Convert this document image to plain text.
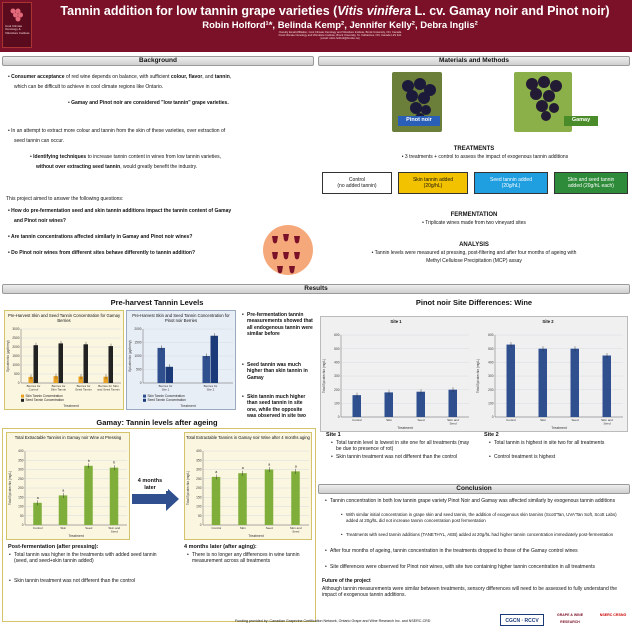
Cool Climate Oenology & Viticulture Institute
Tannin addition for low tannin grape varieties (Vitis vinifera L. cv. Gamay noir and Pinot noir)
Robin Holford¹*, Belinda Kemp², Jennifer Kelly², Debra Inglis²
¹Faculty Email Affiliation, Cool Climate Oenology and Viticulture Institute, Brock University, ON, Canada
²Cool Climate Oenology and Viticulture Institute, Brock University, St. Catharines, ON, Canada L2S 3A1
[email: robin.holford@brocku.ca]
Background
• Consumer acceptance of red wine depends on balance, with sufficient colour, flavor, and tannin,
which can be difficult to achieve in cool climate regions like Ontario.
• Gamay and Pinot noir are considered "low tannin" grape varieties.
• In an attempt to extract more colour and tannin from the skin of these varieties, over extraction of
seed tannin can occur.
• Identifying techniques to increase tannin content in wines from low tannin varieties,
without over extracting seed tannin, would greatly benefit the industry.
This project aimed to answer the following questions:
• How do pre-fermentation seed and skin tannin additions impact the tannin content of Gamay
and Pinot noir wines?
• Are tannin concentrations affected similarly in Gamay and Pinot noir wines?
• Do Pinot noir wines from different sites behave differently to tannin addition?
Materials and Methods
Pinot noir	Gamay
TREATMENTS
• 3 treatments + control to assess the impact of exogenous tannin additions
Control
(no added tannin)
Skin tannin added
(20g/hL)
Seed tannin added
(20g/hL)
Skin and seed tannin
added (20g/hL each)
FERMENTATION
• Triplicate wines made from two vineyard sites
ANALYSIS
• Tannin levels were measured at pressing, post-filtering and after four months of ageing with
Methyl Cellulose Precipitation (MCP) assay
Results
Pre-harvest Tannin Levels	Pinot noir Site Differences: Wine
Pre-Harvest Skin and Seed Tannin Concentration for Gamay Berries
0
500
1000
1500
2000
2500
3000
Epicatechin (µg/berry)
Treatment
Berries for
Control
Berries for
Skin Tannin
Berries for
Seed Tannin
Berries for Skin
and Seed Tannin
Skin Tannin Concentration
Seed Tannin Concentration
Pre-Harvest Skin and Seed Tannin Concentration for Pinot noir Berries
0
500
1000
1500
2000
Epicatechin (µg/berry)
Treatment
Berries for
Site 1
Berries for
Site 2
Skin Tannin Concentration
Seed Tannin Concentration
• Pre-fermentation tannin measurements showed that all endogenous tannin were similar before
• Seed tannin was much higher than skin tannin in Gamay
• Skin tannin much higher than seed tannin in site one, while the opposite was observed in site two
Site 1	Site 2
0
100
200
300
400
500
600
Total Epicatechin (mg/L)
Treatment
Control	Skin	Seed	Skin and
Seed
0
100
200
300
400
500
600
Total Epicatechin (mg/L)
Treatment
Control	Skin	Seed	Skin and
Seed
Site 1
• Total tannin level is lowest in site one for all treatments (may be due to presence of rot)
• Skin tannin treatment was not different than the control
Site 2
• Total tannin is highest in site two for all treatments
• Control treatment is highest
Gamay: Tannin levels after ageing
Total Extractable Tannins in Gamay noir Wine at Pressing
0
50
100
150
200
250
300
350
400
Total Epicatechin (mg/L)
Treatment
a
Control
a
Skin
b
Seed
b
Skin and
Seed
4 months
later
Total Extractable Tannins in Gamay noir Wine after 4 months aging
0
50
100
150
200
250
300
350
400
Total Epicatechin (mg/L)
Treatment
a
Control
a
Skin
a
Seed
a
Skin and
Seed
Post-fermentation (after pressing):
• Total tannin was higher in the treatments with added seed tannin (seed, and seed+skin tannin added)
• Skin tannin treatment was not different than the control
4 months later (after aging):
• There is no longer any differences in wine tannin measurement across all treatments
Conclusion
• Tannin concentration in both low tannin grape variety Pinot Noir and Gamay was affected similarly by exogenous tannin additions
• With similar initial concentration in grape skin and seed tannin, the addition of exogenous skin tannins (Scott'Tan, UVA'Tan Soft, Scott Labs) added at 20g/hL did not increase tannin concentration post fermentation
• Treatments with seed tannin additions (TANETHYL, AEB) added at 20g/hL had higher tannin concentration immediately post-fermentation
• After four months of ageing, tannin concentration in the treatments dropped to those of the Gamay control wines
• Site differences were observed for Pinot noir wines, with site two containing higher tannin concentration in all treatments
Future of the project
Although tannin measurements were similar between treatments, sensory differences will need to be assessed to fully understand the impact of exogenous tannin additions.
Funding provided by: Canadian Grapevine Certification Network, Ontario Grape and Wine Research Inc. and NSERC-CRD	CGCN · RCCV
GRAPE & WINE RESEARCH
NSERC CRSNG
